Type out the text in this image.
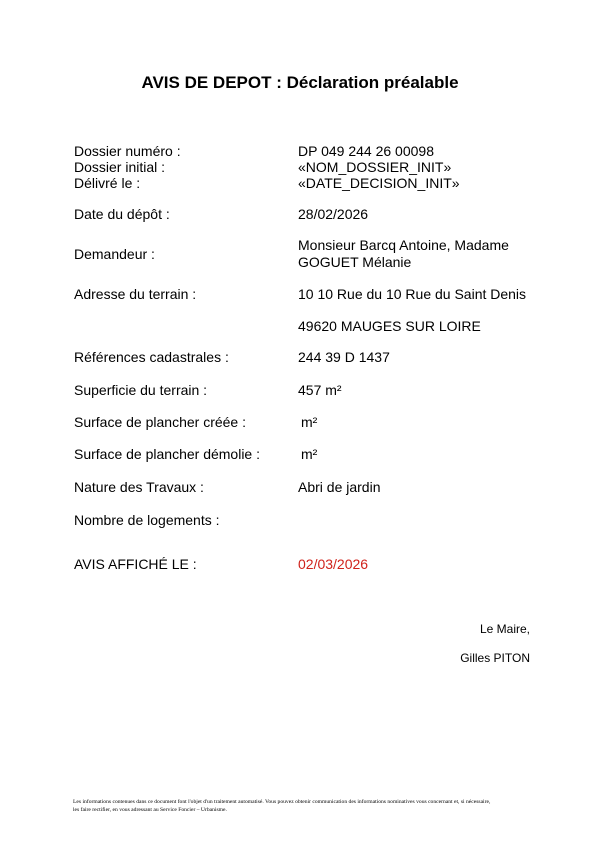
AVIS DE DEPOT : Déclaration préalable
Dossier numéro :	DP 049 244 26 00098
Dossier initial :	«NOM_DOSSIER_INIT»
Délivré le :	«DATE_DECISION_INIT»
Date du dépôt :	28/02/2026
Demandeur :
Monsieur Barcq Antoine, Madame
GOGUET Mélanie
Adresse du terrain :	10 10 Rue du 10 Rue du Saint Denis
49620 MAUGES SUR LOIRE
Références cadastrales :	244 39 D 1437
Superficie du terrain :	457 m²
Surface de plancher créée :	m²
Surface de plancher démolie :	m²
Nature des Travaux :	Abri de jardin
Nombre de logements :
AVIS AFFICHÉ LE :	02/03/2026
Le Maire,
Gilles PITON
Les informations contenues dans ce document font l'objet d'un traitement automatisé. Vous pouvez obtenir communication des informations nominatives vous concernant et, si nécessaire,
les faire rectifier, en vous adressant au Service Foncier – Urbanisme.
